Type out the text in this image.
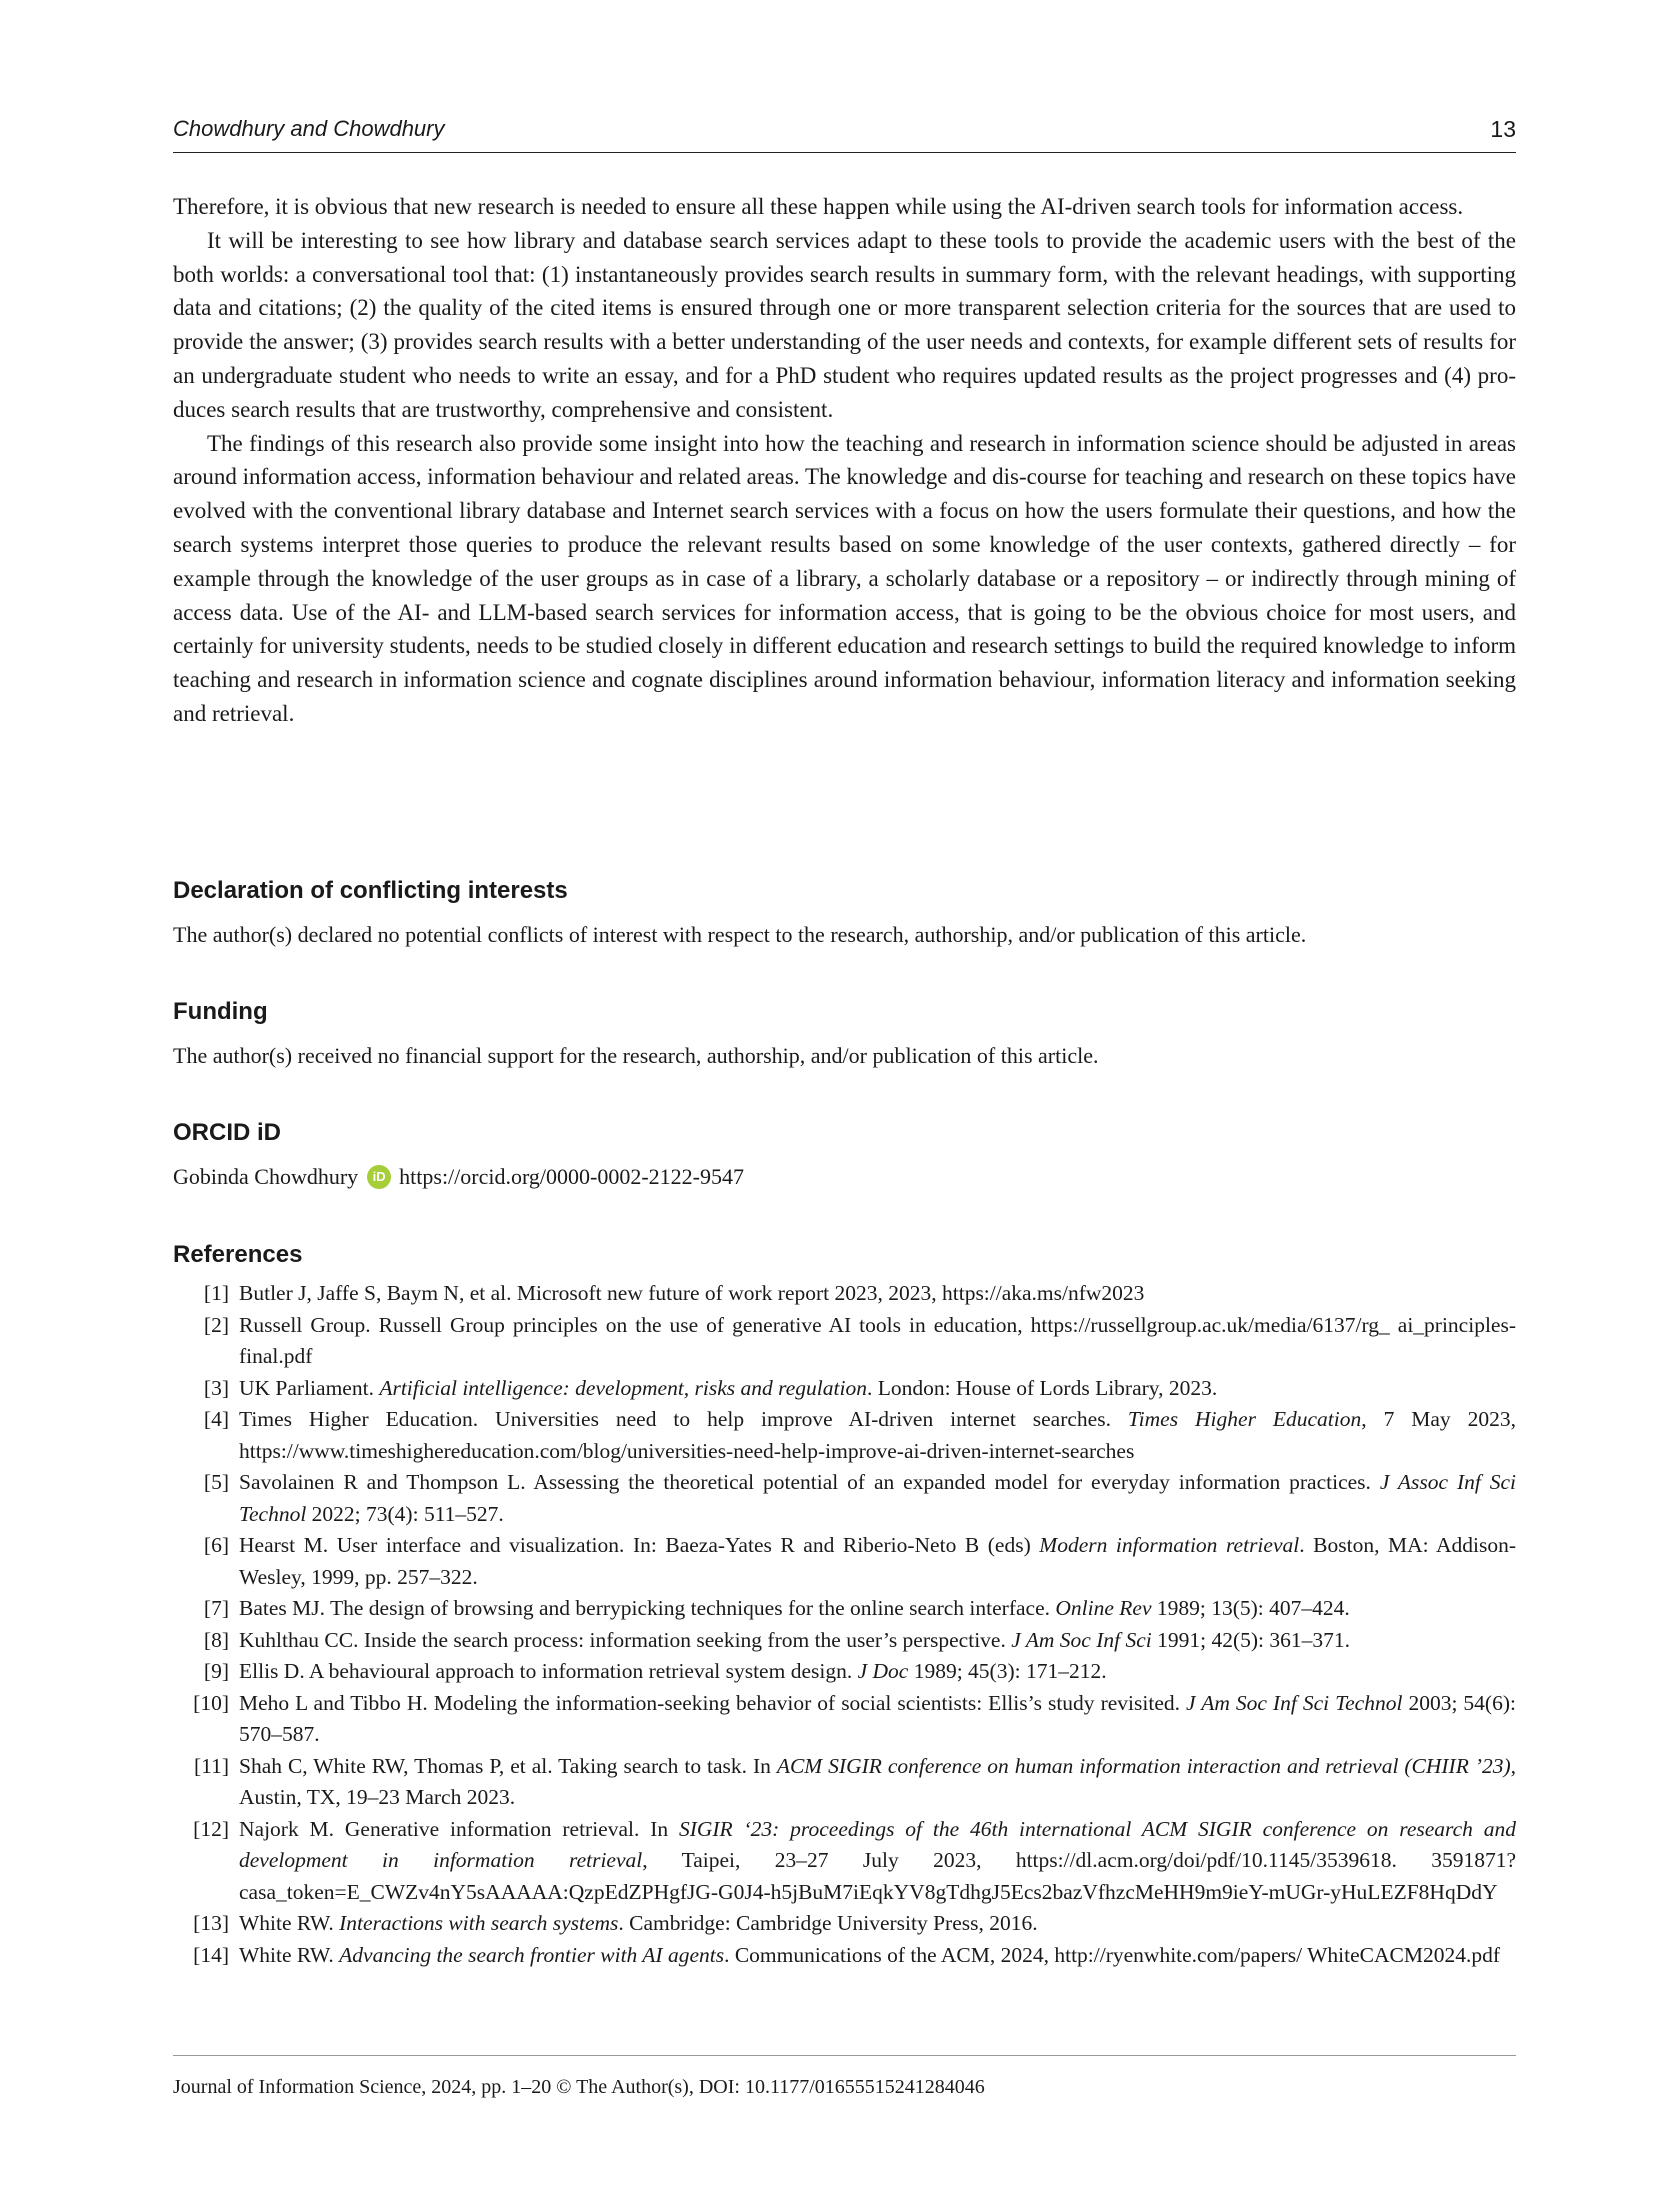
Chowdhury and Chowdhury	13

Therefore, it is obvious that new research is needed to ensure all these happen while using the AI-driven search tools for information access.

It will be interesting to see how library and database search services adapt to these tools to provide the academic users with the best of the both worlds: a conversational tool that: (1) instantaneously provides search results in summary form, with the relevant headings, with supporting data and citations; (2) the quality of the cited items is ensured through one or more transparent selection criteria for the sources that are used to provide the answer; (3) provides search results with a better understanding of the user needs and contexts, for example different sets of results for an undergraduate student who needs to write an essay, and for a PhD student who requires updated results as the project progresses and (4) pro-duces search results that are trustworthy, comprehensive and consistent.

The findings of this research also provide some insight into how the teaching and research in information science should be adjusted in areas around information access, information behaviour and related areas. The knowledge and dis-course for teaching and research on these topics have evolved with the conventional library database and Internet search services with a focus on how the users formulate their questions, and how the search systems interpret those queries to produce the relevant results based on some knowledge of the user contexts, gathered directly – for example through the knowledge of the user groups as in case of a library, a scholarly database or a repository – or indirectly through mining of access data. Use of the AI- and LLM-based search services for information access, that is going to be the obvious choice for most users, and certainly for university students, needs to be studied closely in different education and research settings to build the required knowledge to inform teaching and research in information science and cognate disciplines around information behaviour, information literacy and information seeking and retrieval.

Declaration of conflicting interests

The author(s) declared no potential conflicts of interest with respect to the research, authorship, and/or publication of this article.

Funding

The author(s) received no financial support for the research, authorship, and/or publication of this article.

ORCID iD
Gobinda Chowdhury	iD https://orcid.org/0000-0002-2122-9547
References
[1] Butler J, Jaffe S, Baym N, et al. Microsoft new future of work report 2023, 2023, https://aka.ms/nfw2023
[2] Russell Group. Russell Group principles on the use of generative AI tools in education, https://russellgroup.ac.uk/media/6137/rg_ ai_principles-final.pdf
[3] UK Parliament. Artificial intelligence: development, risks and regulation. London: House of Lords Library, 2023.
[4] Times Higher Education. Universities need to help improve AI-driven internet searches. Times Higher Education, 7 May 2023, https://www.timeshighereducation.com/blog/universities-need-help-improve-ai-driven-internet-searches
[5] Savolainen R and Thompson L. Assessing the theoretical potential of an expanded model for everyday information practices. J Assoc Inf Sci Technol 2022; 73(4): 511–527.
[6] Hearst M. User interface and visualization. In: Baeza-Yates R and Riberio-Neto B (eds) Modern information retrieval. Boston, MA: Addison-Wesley, 1999, pp. 257–322.
[7] Bates MJ. The design of browsing and berrypicking techniques for the online search interface. Online Rev 1989; 13(5): 407–424.
[8] Kuhlthau CC. Inside the search process: information seeking from the user’s perspective. J Am Soc Inf Sci 1991; 42(5): 361–371.
[9] Ellis D. A behavioural approach to information retrieval system design. J Doc 1989; 45(3): 171–212.
[10] Meho L and Tibbo H. Modeling the information-seeking behavior of social scientists: Ellis’s study revisited. J Am Soc Inf Sci Technol 2003; 54(6): 570–587.
[11] Shah C, White RW, Thomas P, et al. Taking search to task. In ACM SIGIR conference on human information interaction and retrieval (CHIIR ’23), Austin, TX, 19–23 March 2023.
[12] Najork M. Generative information retrieval. In SIGIR ‘23: proceedings of the 46th international ACM SIGIR conference on research and development in information retrieval, Taipei, 23–27 July 2023, https://dl.acm.org/doi/pdf/10.1145/3539618. 3591871?casa_token=E_CWZv4nY5sAAAAA:QzpEdZPHgfJG-G0J4-h5jBuM7iEqkYV8gTdhgJ5Ecs2bazVfhzcMeHH9m9ieY-mUGr-yHuLEZF8HqDdY
[13] White RW. Interactions with search systems. Cambridge: Cambridge University Press, 2016.
[14] White RW. Advancing the search frontier with AI agents. Communications of the ACM, 2024, http://ryenwhite.com/papers/ WhiteCACM2024.pdf
Journal of Information Science, 2024, pp. 1–20 © The Author(s), DOI: 10.1177/01655515241284046
